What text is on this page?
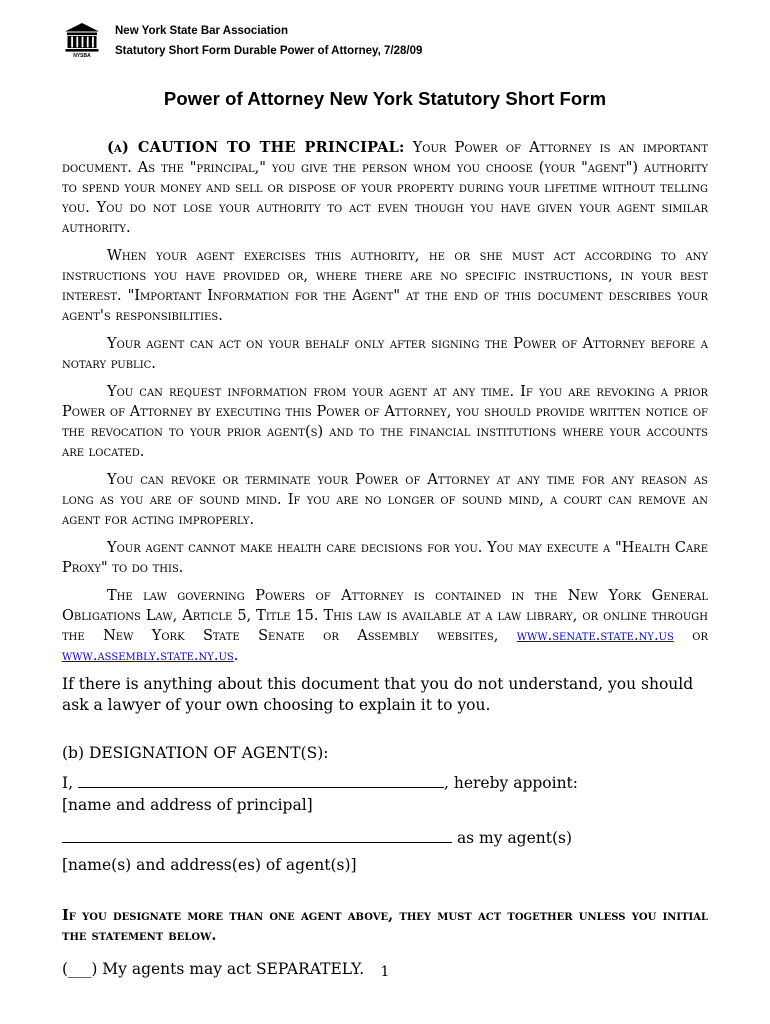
NYSBA
New York State Bar Association
Statutory Short Form Durable Power of Attorney, 7/28/09
Power of Attorney New York Statutory Short Form

(a) CAUTION TO THE PRINCIPAL: Your Power of Attorney is an important document. As the "principal," you give the person whom you choose (your "agent") authority to spend your money and sell or dispose of your property during your lifetime without telling you. You do not lose your authority to act even though you have given your agent similar authority.

When your agent exercises this authority, he or she must act according to any instructions you have provided or, where there are no specific instructions, in your best interest. "Important Information for the Agent" at the end of this document describes your agent's responsibilities.

Your agent can act on your behalf only after signing the Power of Attorney before a notary public.

You can request information from your agent at any time. If you are revoking a prior Power of Attorney by executing this Power of Attorney, you should provide written notice of the revocation to your prior agent(s) and to the financial institutions where your accounts are located.

You can revoke or terminate your Power of Attorney at any time for any reason as long as you are of sound mind. If you are no longer of sound mind, a court can remove an agent for acting improperly.

Your agent cannot make health care decisions for you. You may execute a "Health Care Proxy" to do this.

The law governing Powers of Attorney is contained in the New York General Obligations Law, Article 5, Title 15. This law is available at a law library, or online through the New York State Senate or Assembly websites, www.senate.state.ny.us or www.assembly.state.ny.us.

If there is anything about this document that you do not understand, you should ask a lawyer of your own choosing to explain it to you.

(b) DESIGNATION OF AGENT(S):

I,	, hereby appoint:

[name and address of principal]

as my agent(s)

[name(s) and address(es) of agent(s)]

If you designate more than one agent above, they must act together unless you initial the statement below.

(___) My agents may act SEPARATELY.	1
